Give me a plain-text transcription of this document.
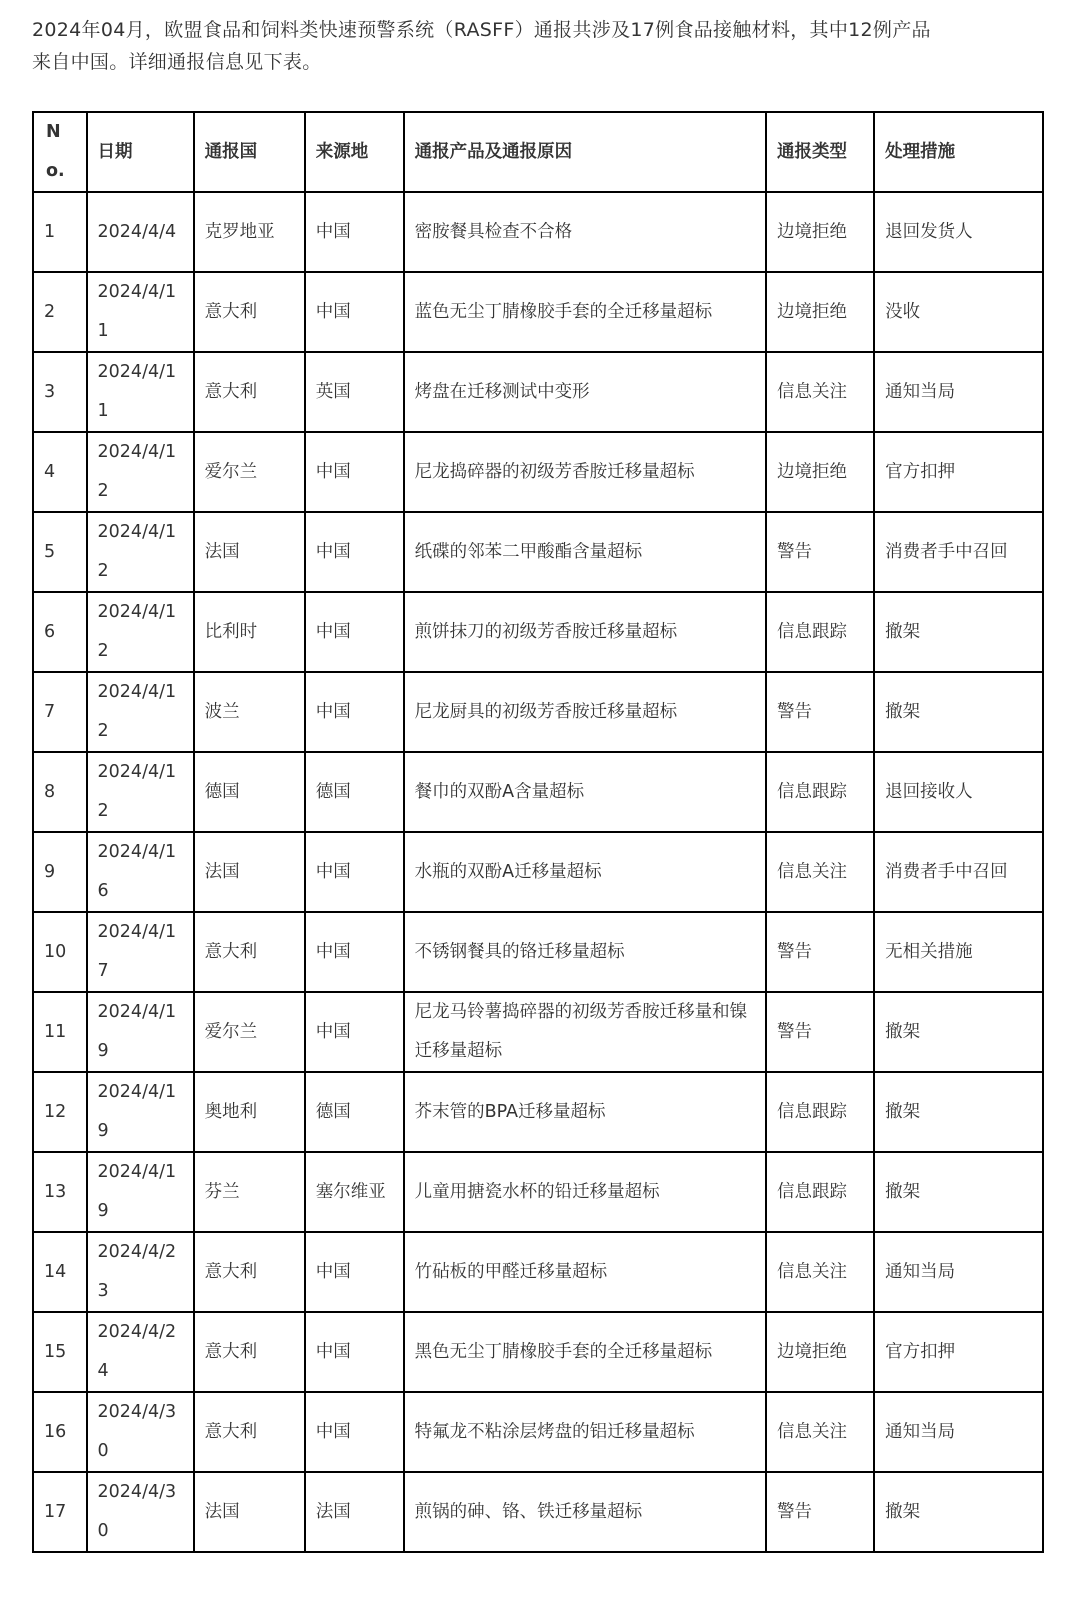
2024年04月，欧盟食品和饲料类快速预警系统（RASFF）通报共涉及17例食品接触材料，其中12例产品

来自中国。详细通报信息见下表。

No.	日期	通报国	来源地	通报产品及通报原因	通报类型	处理措施
1	2024/4/4	克罗地亚	中国	密胺餐具检查不合格	边境拒绝	退回发货人
2	2024/4/11	意大利	中国	蓝色无尘丁腈橡胶手套的全迁移量超标	边境拒绝	没收
3	2024/4/11	意大利	英国	烤盘在迁移测试中变形	信息关注	通知当局
4	2024/4/12	爱尔兰	中国	尼龙捣碎器的初级芳香胺迁移量超标	边境拒绝	官方扣押
5	2024/4/12	法国	中国	纸碟的邻苯二甲酸酯含量超标	警告	消费者手中召回
6	2024/4/12	比利时	中国	煎饼抹刀的初级芳香胺迁移量超标	信息跟踪	撤架
7	2024/4/12	波兰	中国	尼龙厨具的初级芳香胺迁移量超标	警告	撤架
8	2024/4/12	德国	德国	餐巾的双酚A含量超标	信息跟踪	退回接收人
9	2024/4/16	法国	中国	水瓶的双酚A迁移量超标	信息关注	消费者手中召回
10	2024/4/17	意大利	中国	不锈钢餐具的铬迁移量超标	警告	无相关措施
11	2024/4/19	爱尔兰	中国	尼龙马铃薯捣碎器的初级芳香胺迁移量和镍迁移量超标	警告	撤架
12	2024/4/19	奥地利	德国	芥末管的BPA迁移量超标	信息跟踪	撤架
13	2024/4/19	芬兰	塞尔维亚	儿童用搪瓷水杯的铅迁移量超标	信息跟踪	撤架
14	2024/4/23	意大利	中国	竹砧板的甲醛迁移量超标	信息关注	通知当局
15	2024/4/24	意大利	中国	黑色无尘丁腈橡胶手套的全迁移量超标	边境拒绝	官方扣押
16	2024/4/30	意大利	中国	特氟龙不粘涂层烤盘的铝迁移量超标	信息关注	通知当局
17	2024/4/30	法国	法国	煎锅的砷、铬、铁迁移量超标	警告	撤架
